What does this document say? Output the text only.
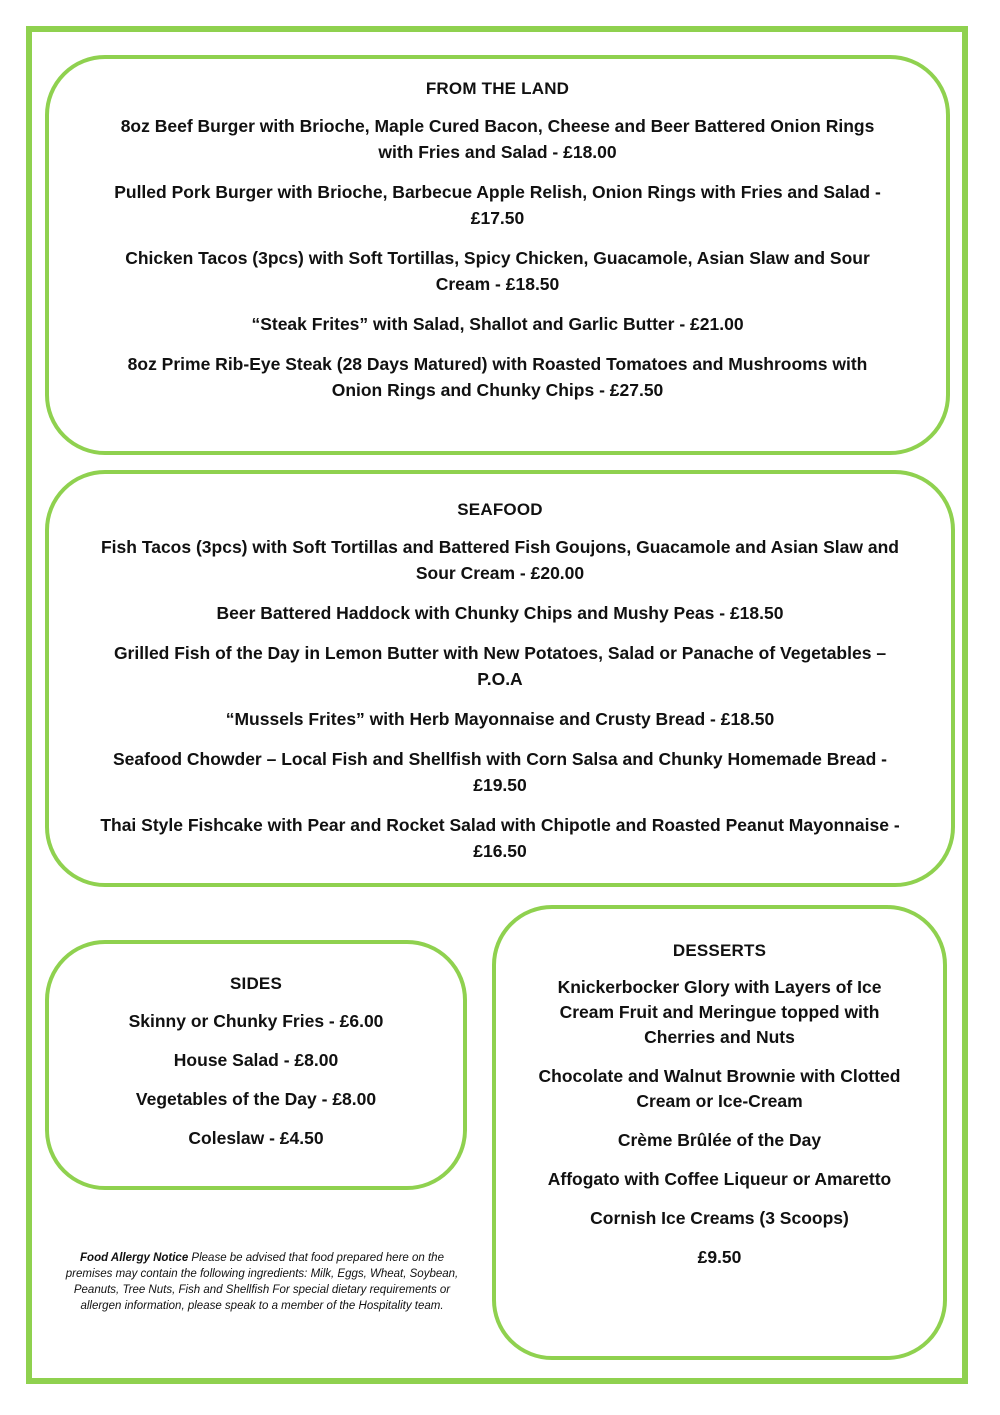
FROM THE LAND

8oz Beef Burger with Brioche, Maple Cured Bacon, Cheese and Beer Battered Onion Rings with Fries and Salad - £18.00

Pulled Pork Burger with Brioche, Barbecue Apple Relish, Onion Rings with Fries and Salad - £17.50

Chicken Tacos (3pcs) with Soft Tortillas, Spicy Chicken, Guacamole, Asian Slaw and Sour Cream - £18.50

“Steak Frites” with Salad, Shallot and Garlic Butter - £21.00

8oz Prime Rib-Eye Steak (28 Days Matured) with Roasted Tomatoes and Mushrooms with Onion Rings and Chunky Chips - £27.50

SEAFOOD

Fish Tacos (3pcs) with Soft Tortillas and Battered Fish Goujons, Guacamole and Asian Slaw and Sour Cream - £20.00

Beer Battered Haddock with Chunky Chips and Mushy Peas - £18.50

Grilled Fish of the Day in Lemon Butter with New Potatoes, Salad or Panache of Vegetables – P.O.A

“Mussels Frites” with Herb Mayonnaise and Crusty Bread - £18.50

Seafood Chowder – Local Fish and Shellfish with Corn Salsa and Chunky Homemade Bread - £19.50

Thai Style Fishcake with Pear and Rocket Salad with Chipotle and Roasted Peanut Mayonnaise - £16.50

SIDES

Skinny or Chunky Fries - £6.00

House Salad - £8.00

Vegetables of the Day - £8.00

Coleslaw - £4.50

DESSERTS

Knickerbocker Glory with Layers of Ice Cream Fruit and Meringue topped with Cherries and Nuts

Chocolate and Walnut Brownie with Clotted Cream or Ice-Cream

Crème Brûlée of the Day

Affogato with Coffee Liqueur or Amaretto

Cornish Ice Creams (3 Scoops)

£9.50

Food Allergy Notice Please be advised that food prepared here on the premises may contain the following ingredients: Milk, Eggs, Wheat, Soybean, Peanuts, Tree Nuts, Fish and Shellfish For special dietary requirements or allergen information, please speak to a member of the Hospitality team.
